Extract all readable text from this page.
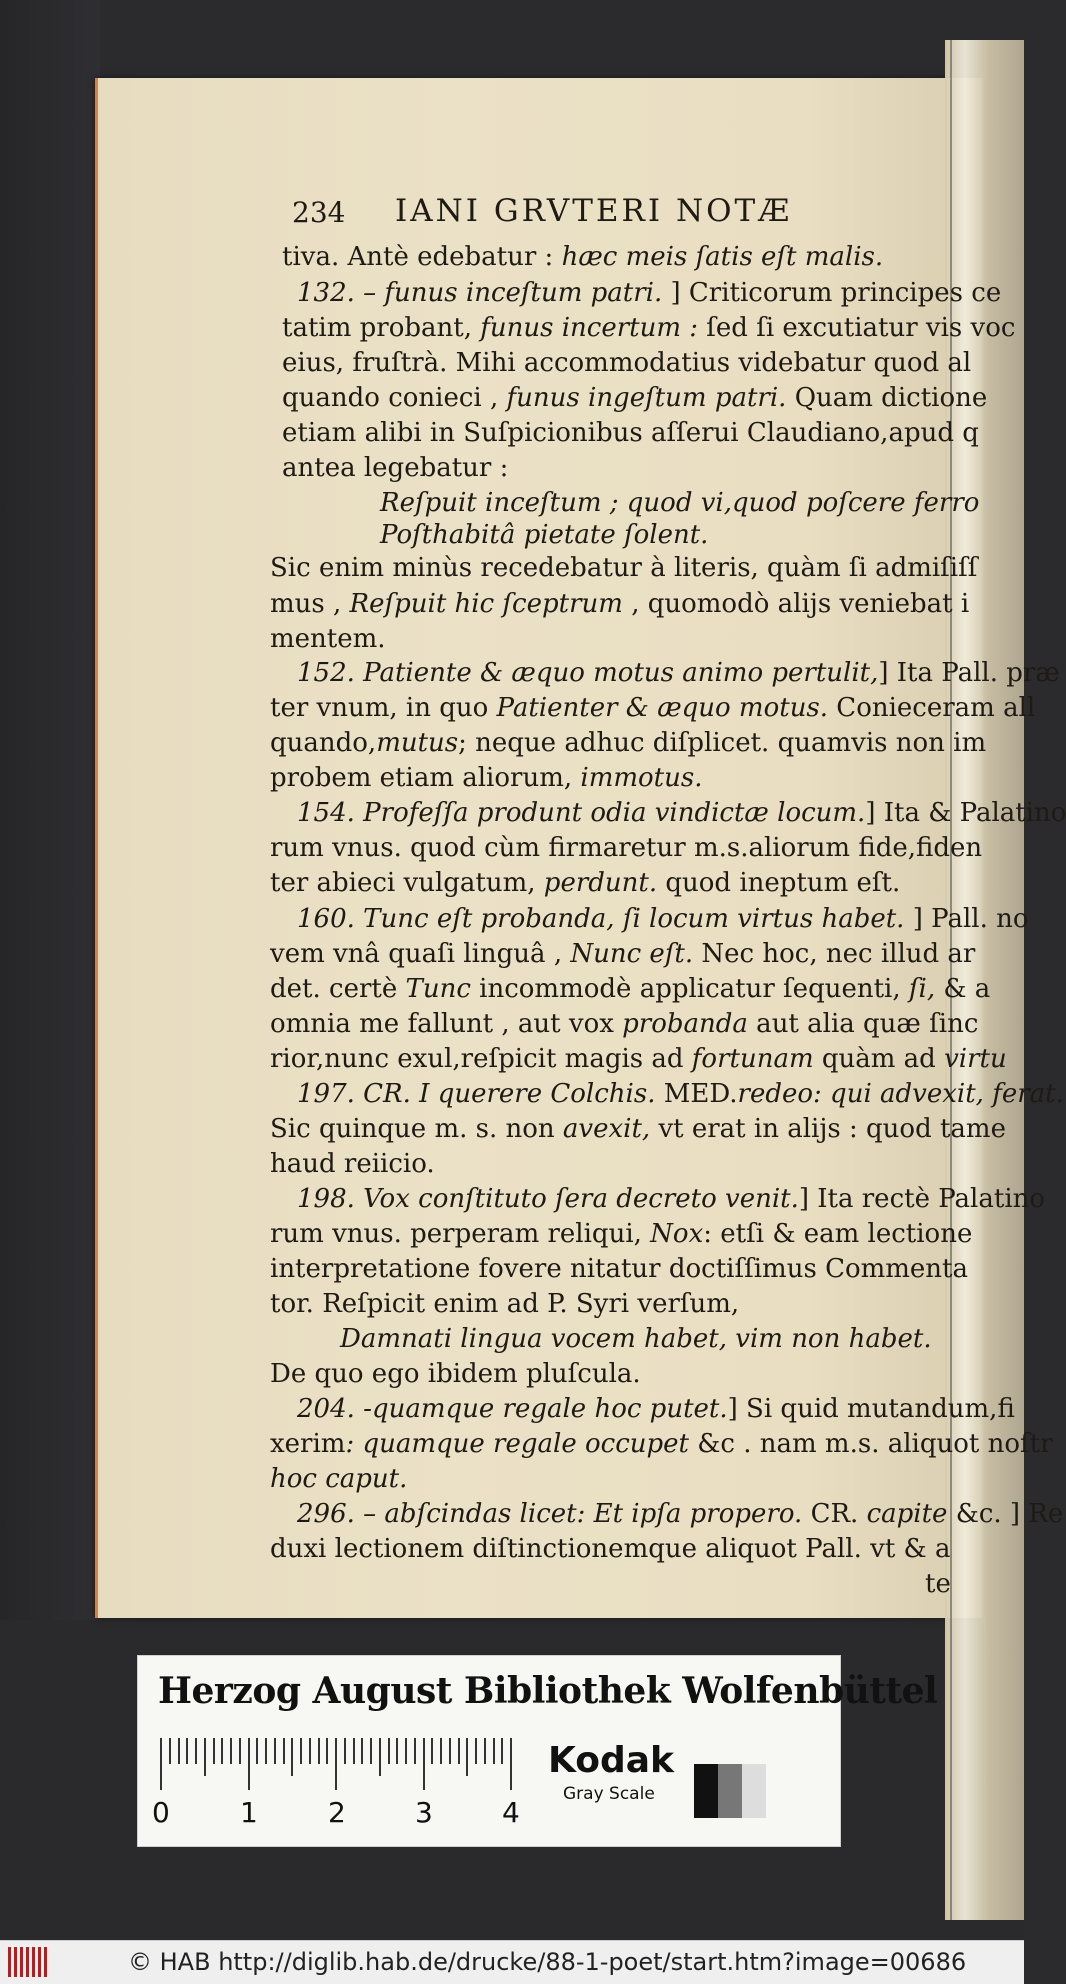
234 IANI GRVTERI NOTÆ
tiva. Antè edebatur : hæc meis ſatis eſt malis.
132. – funus inceſtum patri. ] Criticorum principes ce
tatim probant, funus incertum : ſed ſi excutiatur vis voc
eius, fruſtrà. Mihi accommodatius videbatur quod al
quando conieci , funus ingeſtum patri. Quam dictione
etiam alibi in Suſpicionibus aſſerui Claudiano,apud q
antea legebatur :
Reſpuit inceſtum ; quod vi,quod poſcere ferro
Poſthabitâ pietate ſolent.
Sic enim minùs recedebatur à literis, quàm ſi admiſiſſ
mus , Reſpuit hic ſceptrum , quomodò alijs veniebat i
mentem.
152. Patiente & æquo motus animo pertulit,] Ita Pall. præ
ter vnum, in quo Patienter & æquo motus. Conieceram all
quando,mutus; neque adhuc diſplicet. quamvis non im
probem etiam aliorum, immotus.
154. Profeſſa produnt odia vindictæ locum.] Ita & Palatino
rum vnus. quod cùm firmaretur m.s.aliorum fide,fiden
ter abieci vulgatum, perdunt. quod ineptum eſt.
160. Tunc eſt probanda, ſi locum virtus habet. ] Pall. no
vem vnâ quaſi linguâ , Nunc eſt. Nec hoc, nec illud ar
det. certè Tunc incommodè applicatur ſequenti, ſi, & a
omnia me fallunt , aut vox probanda aut alia quæ ſinc
rior,nunc exul,reſpicit magis ad fortunam quàm ad virtu
197. CR. I querere Colchis. MED.redeo: qui advexit, ferat.
Sic quinque m. s. non avexit, vt erat in alijs : quod tame
haud reiicio.
198. Vox conſtituto ſera decreto venit.] Ita rectè Palatino
rum vnus. perperam reliqui, Nox: etſi & eam lectione
interpretatione fovere nitatur doctiſſimus Commenta
tor. Reſpicit enim ad P. Syri verſum,
Damnati lingua vocem habet, vim non habet.
De quo ego ibidem pluſcula.
204. -quamque regale hoc putet.] Si quid mutandum,fi
xerim: quamque regale occupet &c . nam m.s. aliquot noſtr
hoc caput.
296. – abſcindas licet: Et ipſa propero. CR. capite &c. ] Re
duxi lectionem diſtinctionemque aliquot Pall. vt & a
te
Herzog August Bibliothek Wolfenbüttel
0	1	2 3 4
Kodak
Gray Scale
© HAB http://diglib.hab.de/drucke/88-1-poet/start.htm?image=00686
